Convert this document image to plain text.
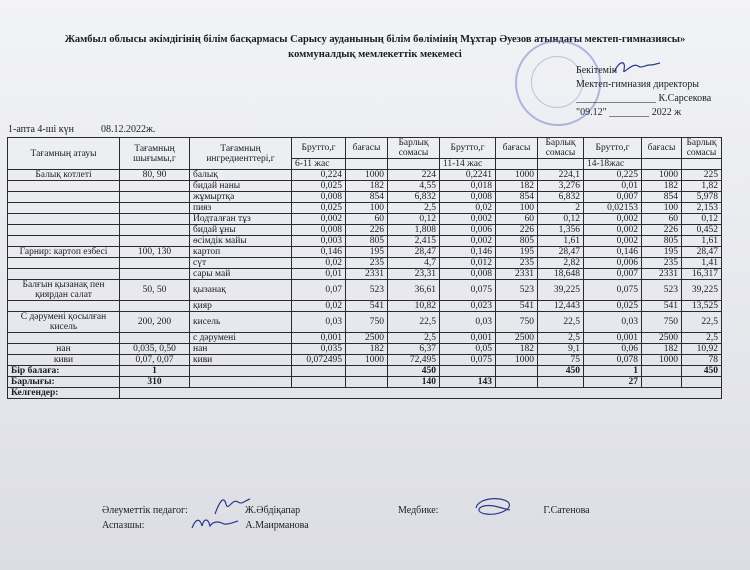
Жамбыл облысы әкімдігінің білім басқармасы Сарысу ауданының білім бөлімінің Мұхтар Әуезов атындағы мектеп-гимназиясы»
коммуналдық мемлекеттік мекемесі
Бекітемін
Мектеп-гимназия директоры
________________ К.Сарсекова
"09.12" ________ 2022 ж
1-апта 4-ші күн	08.12.2022ж.
Тағамның атауы	Тағамның шығымы,г	Тағамның ингредиенттері,г	Брутто,г	бағасы	Барлық сомасы	Брутто,г	бағасы	Барлық сомасы	Брутто,г	бағасы	Барлық сомасы
			6-11 жас			11-14 жас			14-18жас		
Балық котлеті	80, 90	балық	0,224	1000	224	0,2241	1000	224,1	0,225	1000	225
		бидай наны	0,025	182	4,55	0,018	182	3,276	0,01	182	1,82
		жұмыртқа	0,008	854	6,832	0,008	854	6,832	0,007	854	5,978
		пияз	0,025	100	2,5	0,02	100	2	0,02153	100	2,153
		Иодталған тұз	0,002	60	0,12	0,002	60	0,12	0,002	60	0,12
		бидай ұны	0,008	226	1,808	0,006	226	1,356	0,002	226	0,452
		өсімдік майы	0,003	805	2,415	0,002	805	1,61	0,002	805	1,61
Гарнир: картоп езбесі	100, 130	картоп	0,146	195	28,47	0,146	195	28,47	0,146	195	28,47
		сүт	0,02	235	4,7	0,012	235	2,82	0,006	235	1,41
		сары май	0,01	2331	23,31	0,008	2331	18,648	0,007	2331	16,317
Балғын қызанақ пен қиярдан салат	50, 50	қызанақ	0,07	523	36,61	0,075	523	39,225	0,075	523	39,225
		қияр	0,02	541	10,82	0,023	541	12,443	0,025	541	13,525
С дәрумені қосылған кисель	200, 200	кисель	0,03	750	22,5	0,03	750	22,5	0,03	750	22,5
		с дәрумені	0,001	2500	2,5	0,001	2500	2,5	0,001	2500	2,5
нан	0,035, 0,50	нан	0,035	182	6,37	0,05	182	9,1	0,06	182	10,92
киви	0,07, 0,07	киви	0,072495	1000	72,495	0,075	1000	75	0,078	1000	78
Бір балаға:	1				450			450	1		450
Барлығы:	310				140	143			27		
Келгендер:											
Әлеуметтік педагог:	Ж.Әбдіқапар
Аспазшы:	А.Маирманова
Медбике:	Г.Сатенова
